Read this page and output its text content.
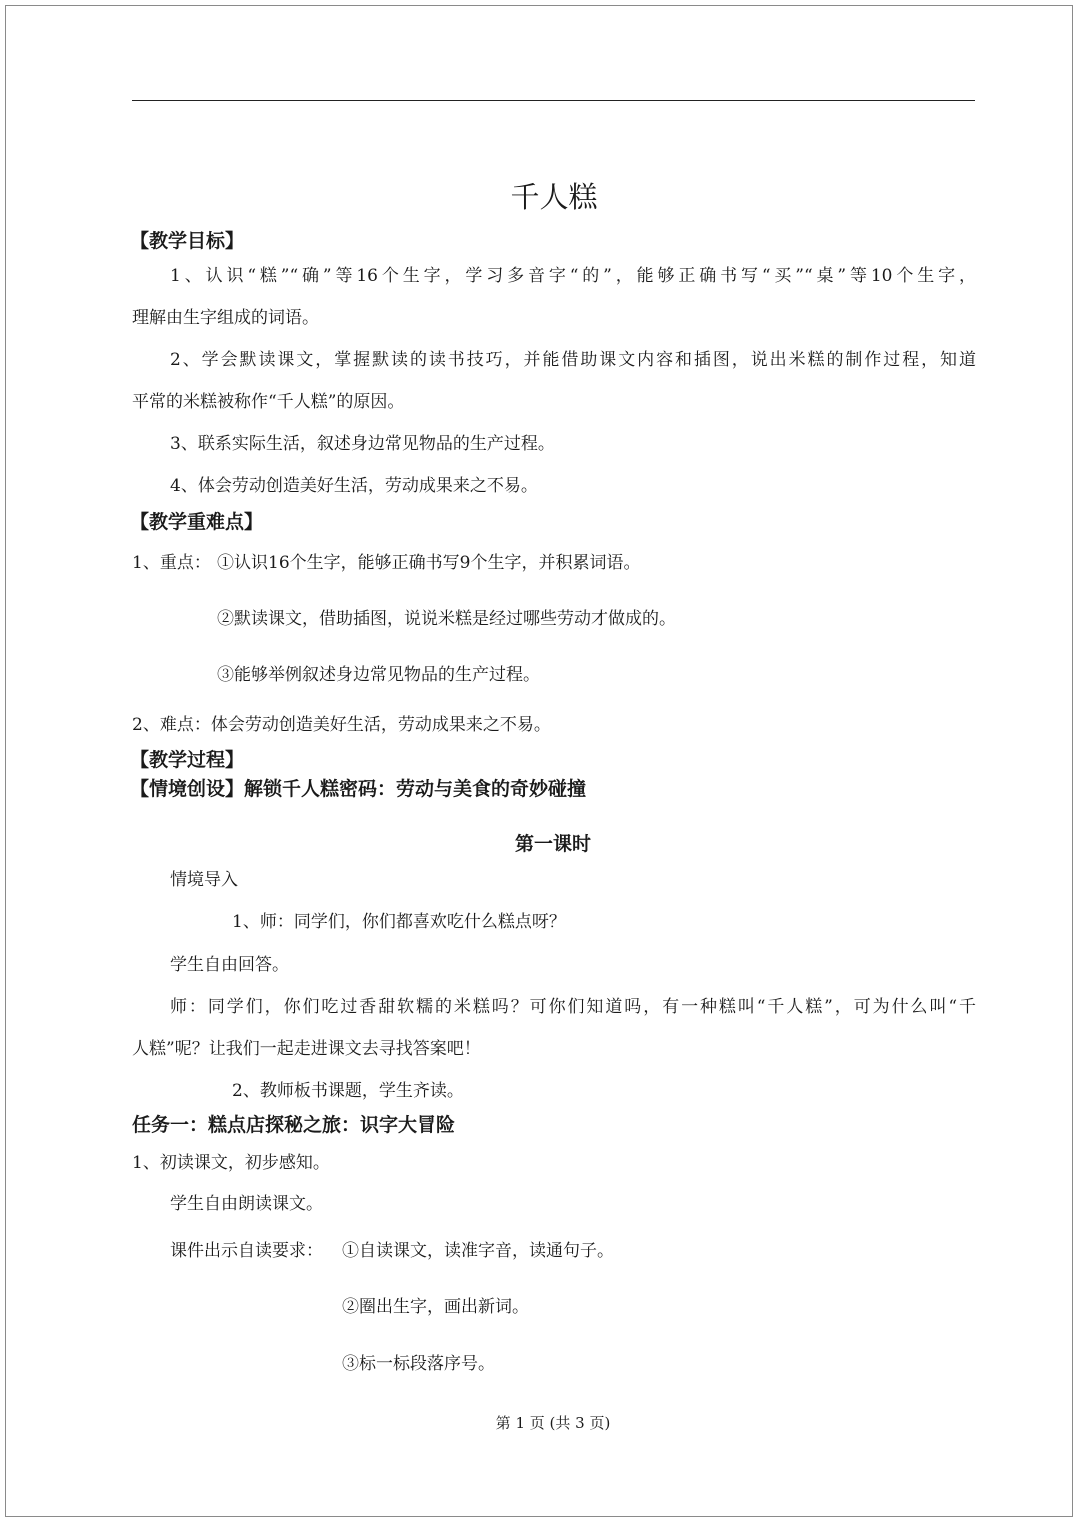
千人糕
【教学目标】
1、认识“糕”“确”等16个生字，学习多音字“的”，能够正确书写“买”“桌”等10个生字，
理解由生字组成的词语。
2、学会默读课文，掌握默读的读书技巧，并能借助课文内容和插图，说出米糕的制作过程，知道
平常的米糕被称作“千人糕”的原因。
3、联系实际生活，叙述身边常见物品的生产过程。
4、体会劳动创造美好生活，劳动成果来之不易。
【教学重难点】
1、重点： ①认识16个生字，能够正确书写9个生字，并积累词语。
②默读课文，借助插图，说说米糕是经过哪些劳动才做成的。
③能够举例叙述身边常见物品的生产过程。
2、难点：体会劳动创造美好生活，劳动成果来之不易。
【教学过程】
【情境创设】解锁千人糕密码：劳动与美食的奇妙碰撞
第一课时
情境导入
1、师：同学们，你们都喜欢吃什么糕点呀？
学生自由回答。
师：同学们，你们吃过香甜软糯的米糕吗？可你们知道吗，有一种糕叫“千人糕”，可为什么叫“千
人糕”呢？让我们一起走进课文去寻找答案吧！
2、教师板书课题，学生齐读。
任务一：糕点店探秘之旅：识字大冒险
1、初读课文，初步感知。
学生自由朗读课文。
课件出示自读要求： ①自读课文，读准字音，读通句子。
②圈出生字，画出新词。
③标一标段落序号。
第 1 页 (共 3 页)
